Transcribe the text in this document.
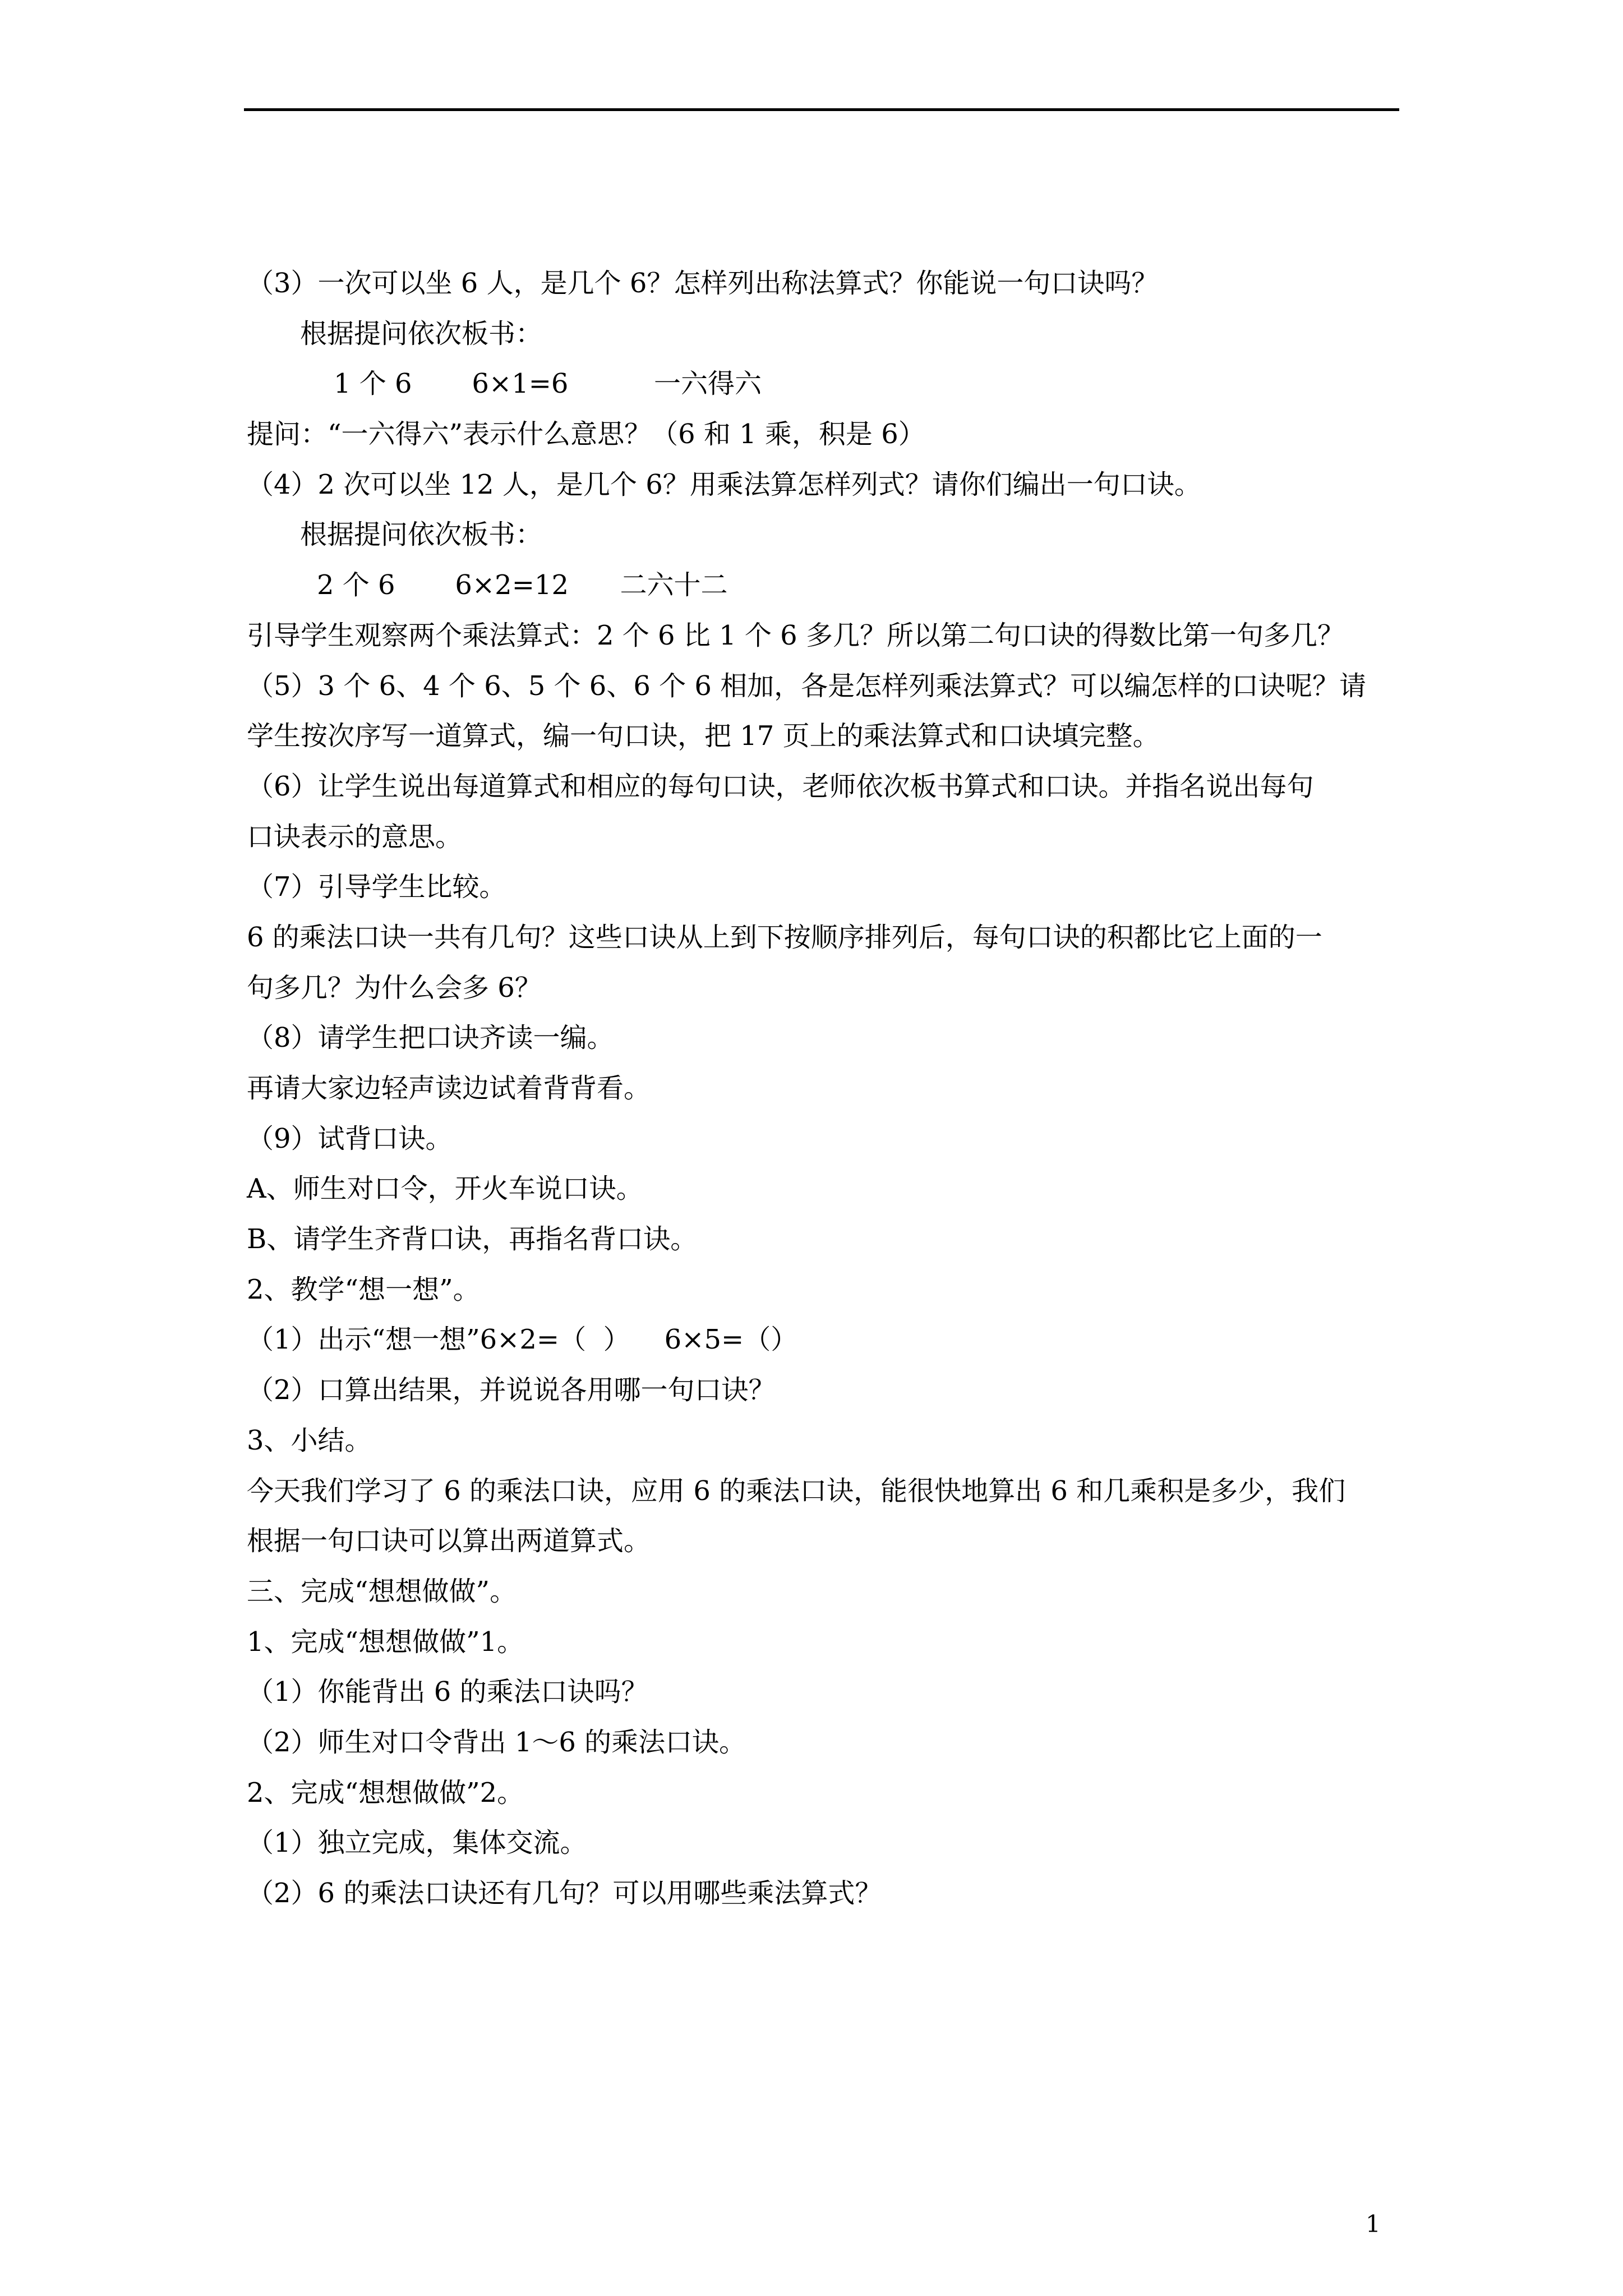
（3）一次可以坐 6 人，是几个 6？怎样列出称法算式？你能说一句口诀吗？
根据提问依次板书：
1 个 6       6×1=6          一六得六
提问：“一六得六”表示什么意思？（6 和 1 乘，积是 6）
（4）2 次可以坐 12 人，是几个 6？用乘法算怎样列式？请你们编出一句口诀。
根据提问依次板书：
2 个 6       6×2=12      二六十二
引导学生观察两个乘法算式：2 个 6 比 1 个 6 多几？所以第二句口诀的得数比第一句多几？
（5）3 个 6、4 个 6、5 个 6、6 个 6 相加，各是怎样列乘法算式？可以编怎样的口诀呢？请
学生按次序写一道算式，编一句口诀，把 17 页上的乘法算式和口诀填完整。
（6）让学生说出每道算式和相应的每句口诀，老师依次板书算式和口诀。并指名说出每句
口诀表示的意思。
（7）引导学生比较。
6 的乘法口诀一共有几句？这些口诀从上到下按顺序排列后，每句口诀的积都比它上面的一
句多几？为什么会多 6？
（8）请学生把口诀齐读一编。
再请大家边轻声读边试着背背看。
（9）试背口诀。
A、师生对口令，开火车说口诀。
B、请学生齐背口诀，再指名背口诀。
2、教学“想一想”。
（1）出示“想一想”6×2=（  ）    6×5=（）
（2）口算出结果，并说说各用哪一句口诀？
3、小结。
今天我们学习了 6 的乘法口诀，应用 6 的乘法口诀，能很快地算出 6 和几乘积是多少，我们
根据一句口诀可以算出两道算式。
三、完成“想想做做”。
1、完成“想想做做”1。
（1）你能背出 6 的乘法口诀吗？
（2）师生对口令背出 1～6 的乘法口诀。
2、完成“想想做做”2。
（1）独立完成，集体交流。
（2）6 的乘法口诀还有几句？可以用哪些乘法算式？
1
